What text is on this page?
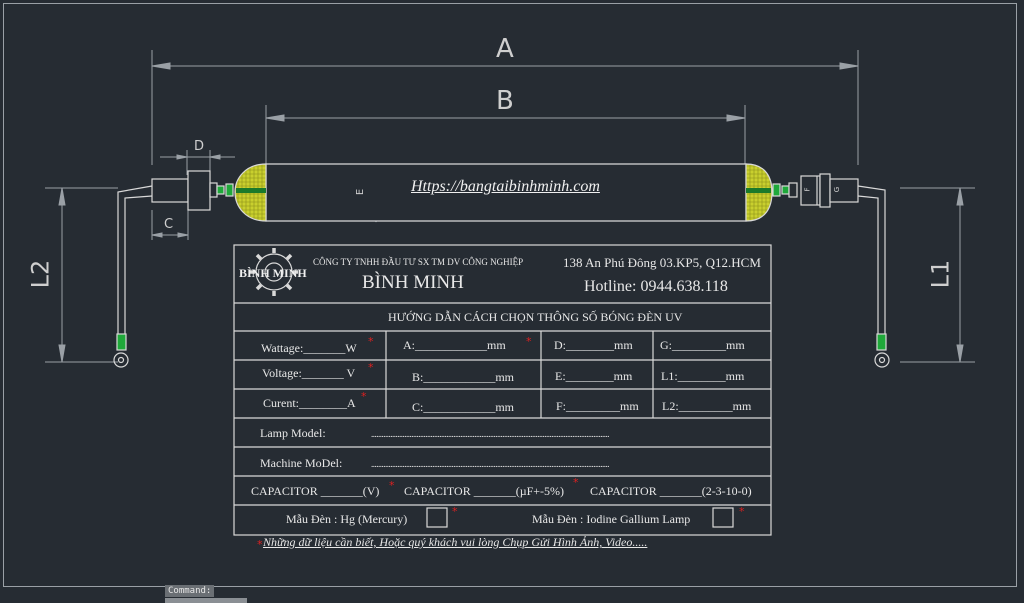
*	*
*
*
*	*
*	*
*
A
B
D
C
E	F	G
L2	L1
Https://bangtaibinhminh.com
BÌNH MINH
CÔNG TY TNHH ĐẦU TƯ SX TM DV CÔNG NGHIỆP
BÌNH MINH
138 An Phú Đông 03.KP5, Q12.HCM
Hotline: 0944.638.118
HƯỚNG DẪN CÁCH CHỌN THÔNG SỐ BÓNG ĐÈN UV
Wattage:_______W	A:____________mm	D:________mm G:_________mm
Voltage:_______ V	B:____________mm	E:________mm L1:________mm
Curent:________A	C:____________mm	F:_________mm L2:_________mm
Lamp Model:	........................................................................................................................................
Machine MoDel:	........................................................................................................................................
CAPACITOR _______(V) CAPACITOR _______(µF+-5%) CAPACITOR _______(2-3-10-0)
Mẫu Đèn : Hg (Mercury)	Mẫu Đèn : Iodine Gallium Lamp
Những dữ liệu cần biết, Hoặc quý khách vui lòng Chụp Gửi Hình Ảnh, Video.....
Command:
